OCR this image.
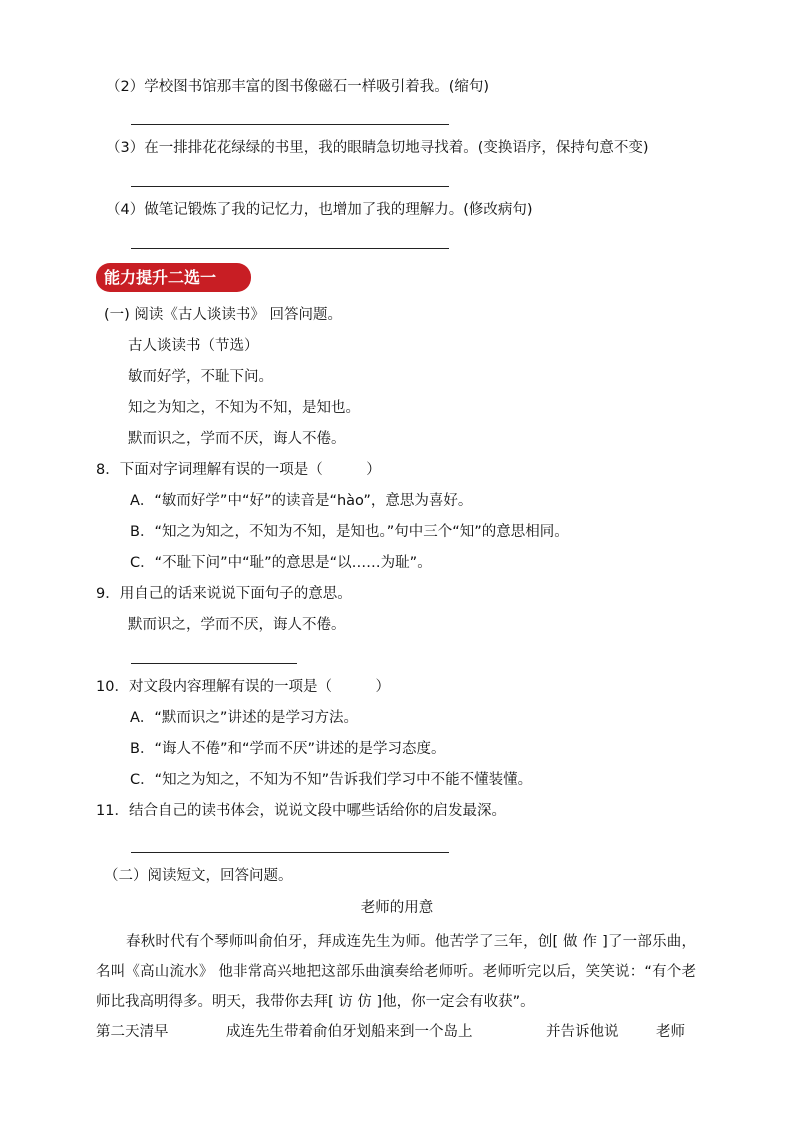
（2）学校图书馆那丰富的图书像磁石一样吸引着我。(缩句)
（3）在一排排花花绿绿的书里，我的眼睛急切地寻找着。(变换语序，保持句意不变)
（4）做笔记锻炼了我的记忆力，也增加了我的理解力。(修改病句)
能力提升二选一
(一) 阅读《古人谈读书》 回答问题。
古人谈读书（节选）
敏而好学，不耻下问。
知之为知之，不知为不知，是知也。
默而识之，学而不厌，诲人不倦。
8．下面对字词理解有误的一项是（　　　）
A．“敏而好学”中“好”的读音是“hào”，意思为喜好。
B．“知之为知之，不知为不知，是知也。”句中三个“知”的意思相同。
C．“不耻下问”中“耻”的意思是“以……为耻”。
9．用自己的话来说说下面句子的意思。
默而识之，学而不厌，诲人不倦。
10．对文段内容理解有误的一项是（　　　）
A．“默而识之”讲述的是学习方法。
B．“诲人不倦”和“学而不厌”讲述的是学习态度。
C．“知之为知之，不知为不知”告诉我们学习中不能不懂装懂。
11．结合自己的读书体会，说说文段中哪些话给你的启发最深。
（二）阅读短文，回答问题。
老师的用意
春秋时代有个琴师叫俞伯牙，拜成连先生为师。他苦学了三年，创[ 做 作 ]了一部乐曲，名叫《高山流水》 他非常高兴地把这部乐曲演奏给老师听。老师听完以后，笑笑说：“有个老师比我高明得多。明天，我带你去拜[ 访 仿 ]他，你一定会有收获”。
第二天清早	成连先生带着俞伯牙划船来到一个岛上	并告诉他说	老师
